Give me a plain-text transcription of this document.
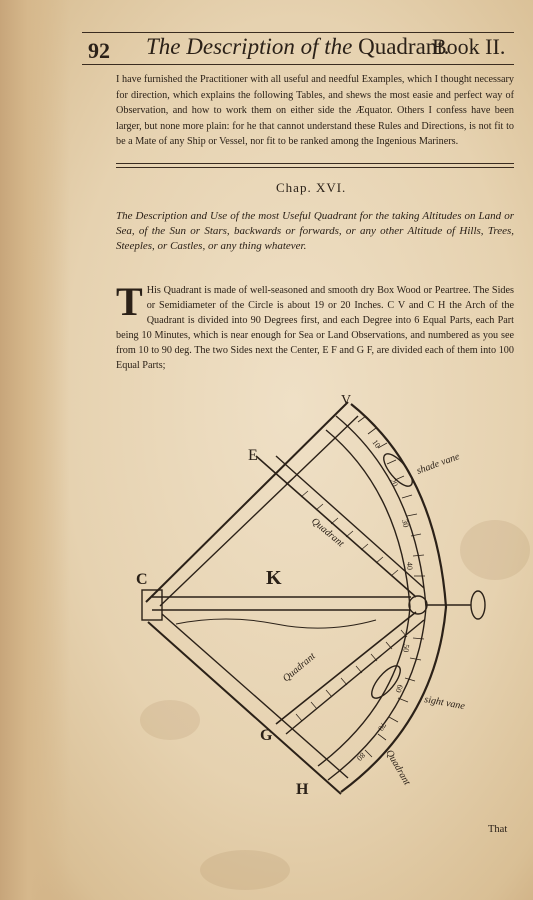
92 The Description of the Quadrant.
Book II.

I have furnished the Practitioner with all useful and needful Examples, which I thought necessary for direction, which explains the following Tables, and shews the most easie and perfect way of Observation, and how to work them on either side the Æquator. Others I confess have been larger, but none more plain: for he that cannot understand these Rules and Directions, is not fit to be a Mate of any Ship or Vessel, nor fit to be ranked among the Ingenious Mariners.

Chap. XVI.
The Description and Use of the most Useful Quadrant for the taking Altitudes on Land or Sea, of the Sun or Stars, backwards or forwards, or any other Altitude of Hills, Trees, Steeples, or Castles, or any thing whatever.
T His Quadrant is made of well-seasoned and smooth dry Box Wood or Peartree. The Sides or Semidiameter of the Circle is about 19 or 20 Inches. C V and C H the Arch of the Quadrant is divided into 90 Degrees first, and each Degree into 6 Equal Parts, each Part being 10 Minutes, which is near enough for Sea or Land Observations, and numbered as you see from 10 to 90 deg. The two Sides next the Center, E F and G F, are divided each of them into 100 Equal Parts;

V
E
C	K
G
H
shade vane
sight vane
Quadrant
Quadrant
Quadrant
10
20
30
40
50
60
70
80
That
